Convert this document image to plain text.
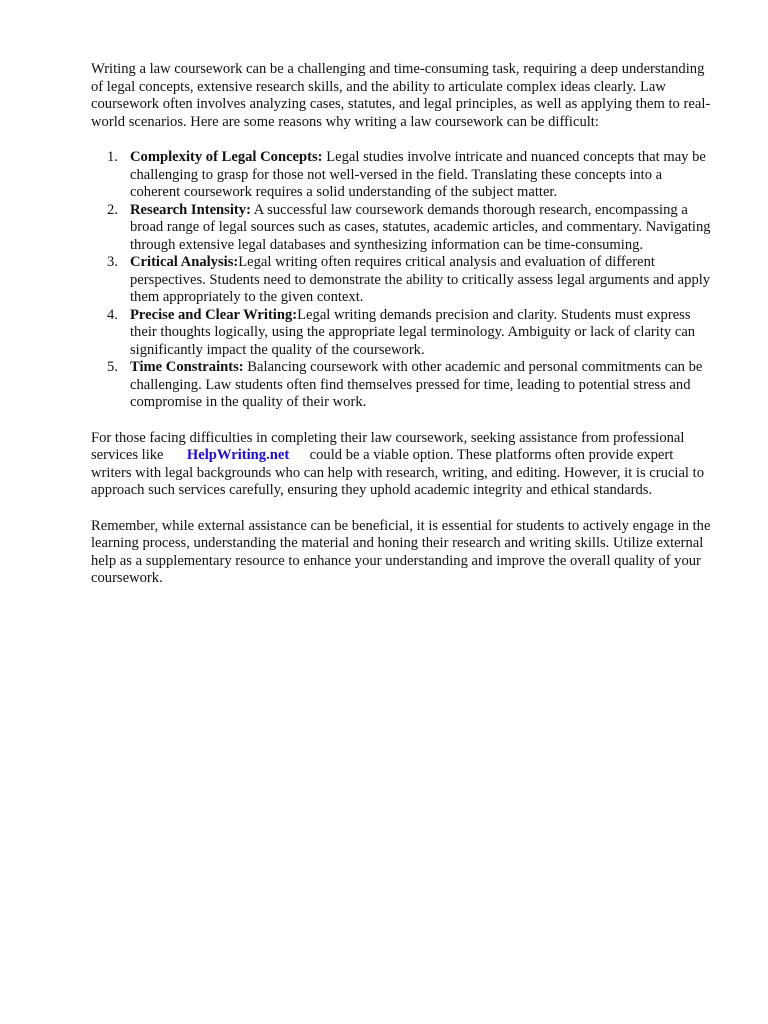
Writing a law coursework can be a challenging and time-consuming task, requiring a deep understanding of legal concepts, extensive research skills, and the ability to articulate complex ideas clearly. Law coursework often involves analyzing cases, statutes, and legal principles, as well as applying them to real-world scenarios. Here are some reasons why writing a law coursework can be difficult:

1. Complexity of Legal Concepts: Legal studies involve intricate and nuanced concepts that may be challenging to grasp for those not well-versed in the field. Translating these concepts into a coherent coursework requires a solid understanding of the subject matter.
2. Research Intensity: A successful law coursework demands thorough research, encompassing a broad range of legal sources such as cases, statutes, academic articles, and commentary. Navigating through extensive legal databases and synthesizing information can be time-consuming.
3. Critical Analysis:Legal writing often requires critical analysis and evaluation of different perspectives. Students need to demonstrate the ability to critically assess legal arguments and apply them appropriately to the given context.
4. Precise and Clear Writing:Legal writing demands precision and clarity. Students must express their thoughts logically, using the appropriate legal terminology. Ambiguity or lack of clarity can significantly impact the quality of the coursework.
5. Time Constraints: Balancing coursework with other academic and personal commitments can be challenging. Law students often find themselves pressed for time, leading to potential stress and compromise in the quality of their work.

For those facing difficulties in completing their law coursework, seeking assistance from professional services like HelpWriting.net could be a viable option. These platforms often provide expert writers with legal backgrounds who can help with research, writing, and editing. However, it is crucial to approach such services carefully, ensuring they uphold academic integrity and ethical standards.

Remember, while external assistance can be beneficial, it is essential for students to actively engage in the learning process, understanding the material and honing their research and writing skills. Utilize external help as a supplementary resource to enhance your understanding and improve the overall quality of your coursework.
